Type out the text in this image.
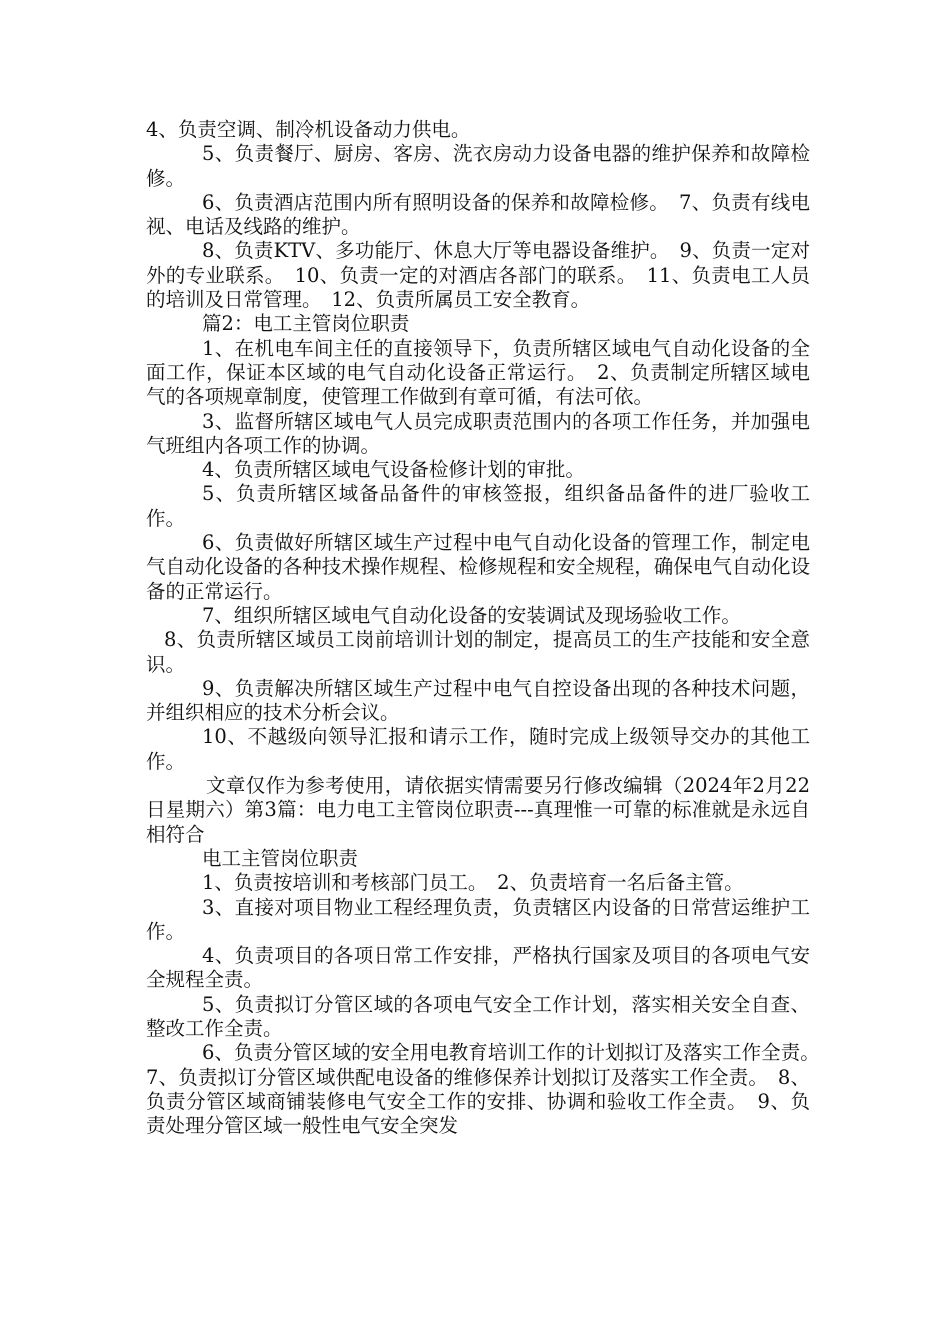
4、负责空调、制冷机设备动力供电。

5、负责餐厅、厨房、客房、洗衣房动力设备电器的维护保养和故障检修。

6、负责酒店范围内所有照明设备的保养和故障检修。　7、负责有线电视、电话及线路的维护。

8、负责KTV、多功能厅、休息大厅等电器设备维护。　9、负责一定对外的专业联系。　10、负责一定的对酒店各部门的联系。　11、负责电工人员的培训及日常管理。　12、负责所属员工安全教育。

篇2：电工主管岗位职责

1、在机电车间主任的直接领导下，负责所辖区域电气自动化设备的全面工作，保证本区域的电气自动化设备正常运行。　2、负责制定所辖区域电气的各项规章制度，使管理工作做到有章可循，有法可依。

3、监督所辖区域电气人员完成职责范围内的各项工作任务，并加强电气班组内各项工作的协调。

4、负责所辖区域电气设备检修计划的审批。

5、负责所辖区域备品备件的审核签报，组织备品备件的进厂验收工作。

6、负责做好所辖区域生产过程中电气自动化设备的管理工作，制定电气自动化设备的各种技术操作规程、检修规程和安全规程，确保电气自动化设备的正常运行。

7、组织所辖区域电气自动化设备的安装调试及现场验收工作。

8、负责所辖区域员工岗前培训计划的制定，提高员工的生产技能和安全意识。

9、负责解决所辖区域生产过程中电气自控设备出现的各种技术问题，并组织相应的技术分析会议。

10、不越级向领导汇报和请示工作，随时完成上级领导交办的其他工作。

文章仅作为参考使用，请依据实情需要另行修改编辑（2024年2月22日星期六）第3篇：电力电工主管岗位职责---真理惟一可靠的标准就是永远自相符合

电工主管岗位职责

1、负责按培训和考核部门员工。　2、负责培育一名后备主管。

3、直接对项目物业工程经理负责，负责辖区内设备的日常营运维护工作。

4、负责项目的各项日常工作安排，严格执行国家及项目的各项电气安全规程全责。

5、负责拟订分管区域的各项电气安全工作计划，落实相关安全自查、整改工作全责。

6、负责分管区域的安全用电教育培训工作的计划拟订及落实工作全责。　7、负责拟订分管区域供配电设备的维修保养计划拟订及落实工作全责。　8、负责分管区域商铺装修电气安全工作的安排、协调和验收工作全责。　9、负责处理分管区域一般性电气安全突发
